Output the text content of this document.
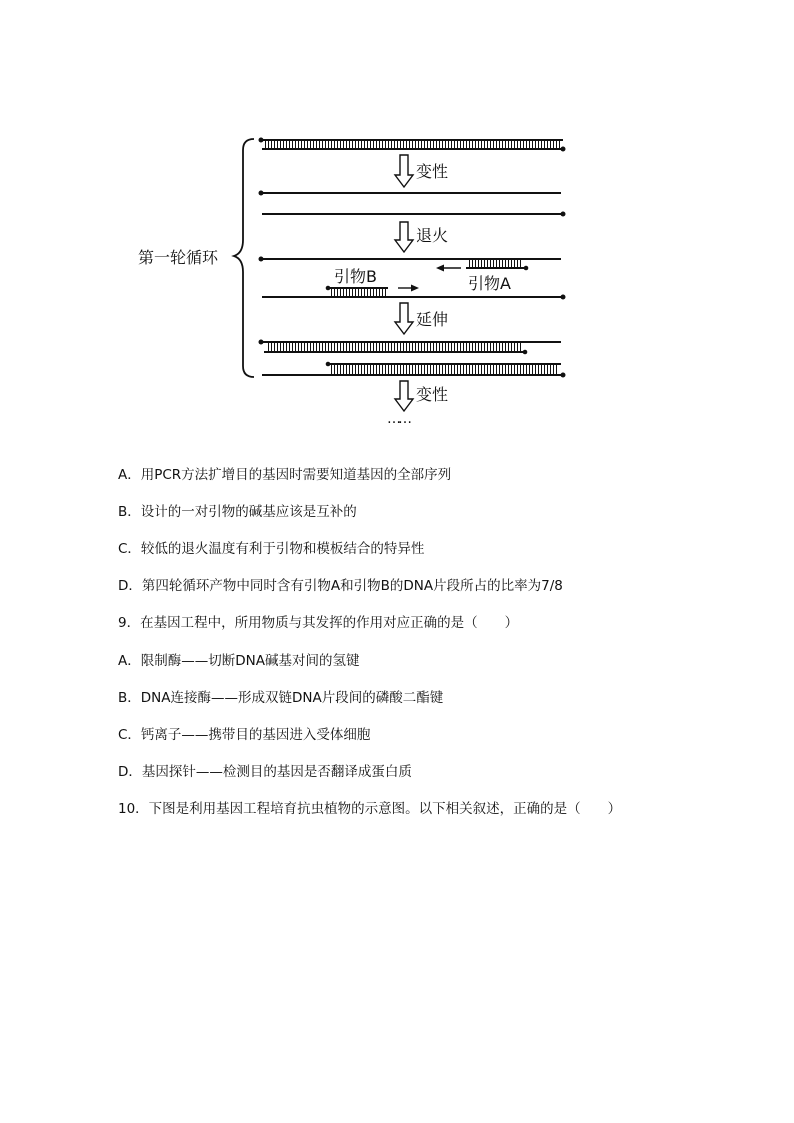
第一轮循环
变性
退火
引物A
引物B
延伸
变性
……
A．用PCR方法扩增目的基因时需要知道基因的全部序列
B．设计的一对引物的碱基应该是互补的
C．较低的退火温度有利于引物和模板结合的特异性
D．第四轮循环产物中同时含有引物A和引物B的DNA片段所占的比率为7/8
9．在基因工程中，所用物质与其发挥的作用对应正确的是（　　）
A．限制酶——切断DNA碱基对间的氢键
B．DNA连接酶——形成双链DNA片段间的磷酸二酯键
C．钙离子——携带目的基因进入受体细胞
D．基因探针——检测目的基因是否翻译成蛋白质
10．下图是利用基因工程培育抗虫植物的示意图。以下相关叙述，正确的是（　　）
